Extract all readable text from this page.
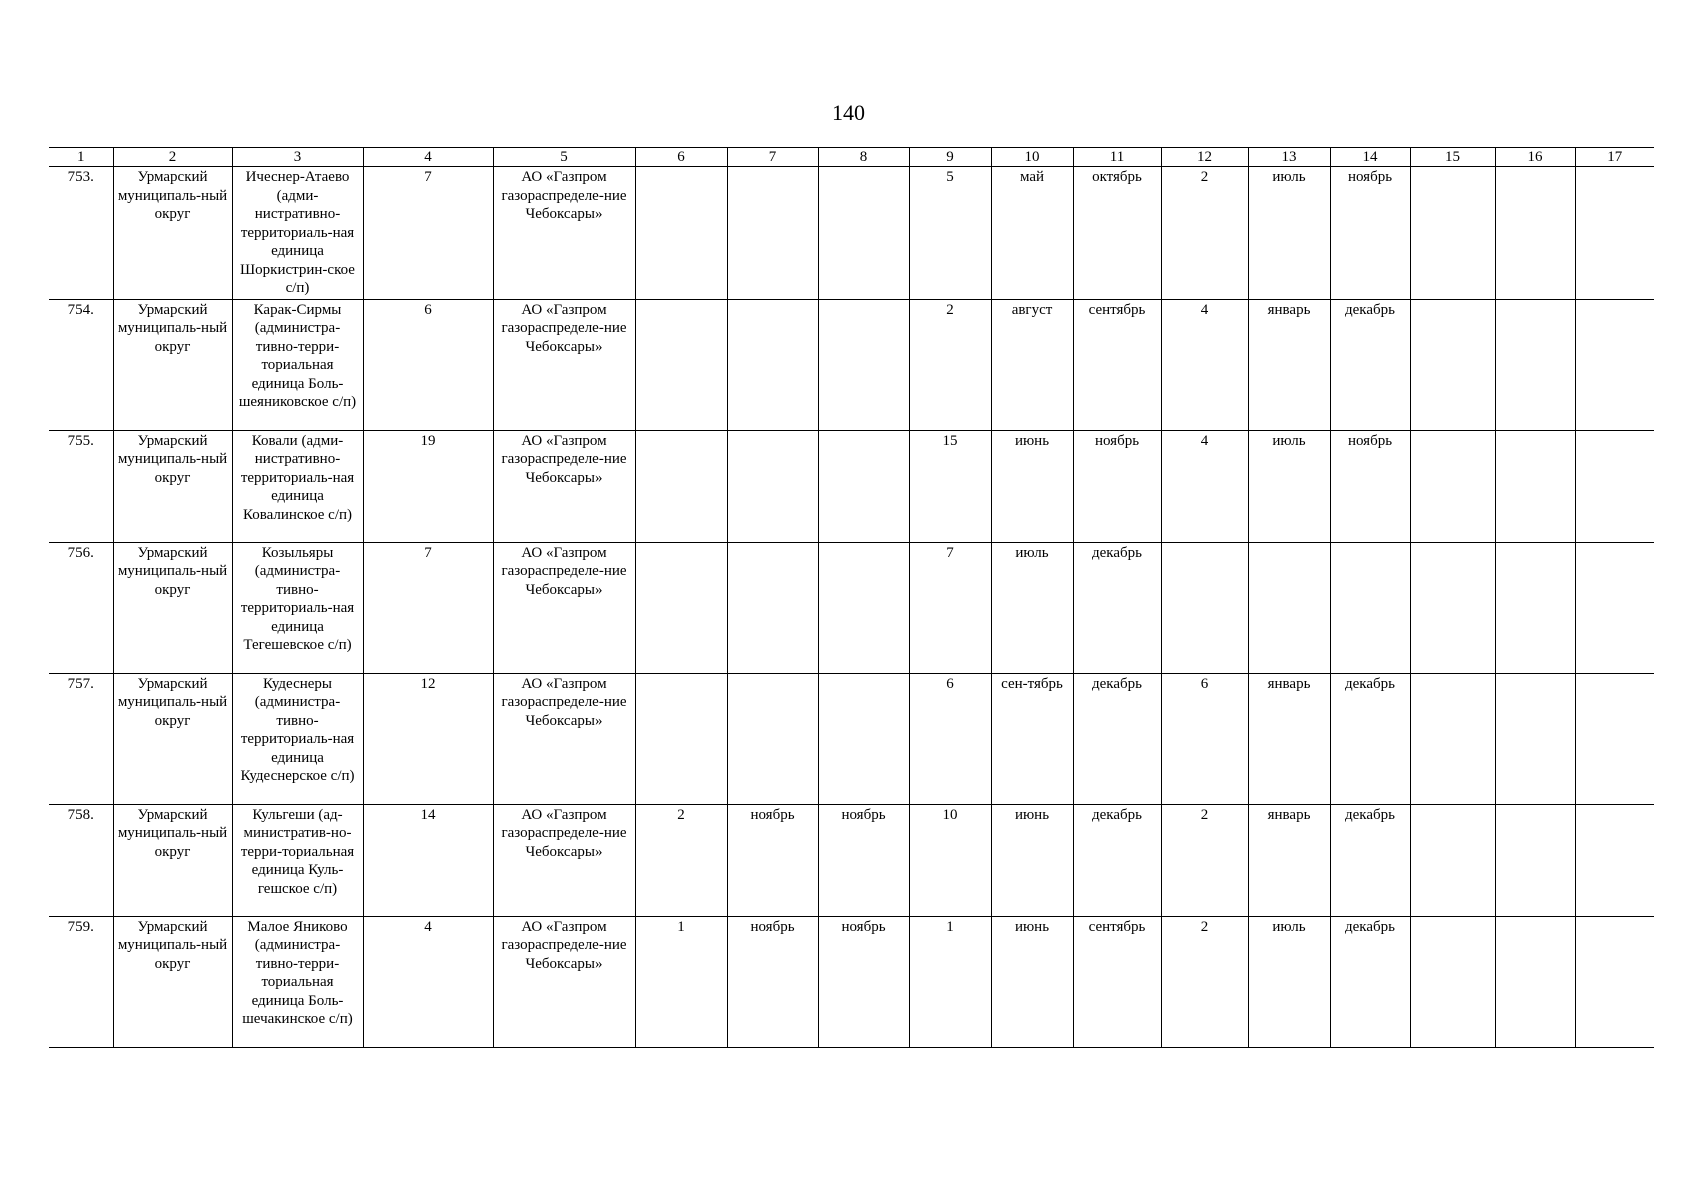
140
1	2	3	4	5	6	7	8	9	10	11	12	13	14	15	16	17
753.	Урмарский муниципаль-ный округ	Ичеснер-Атаево (адми-нистративно-территориаль-ная единица Шоркистрин-ское с/п)	7	АО «Газпром газораспределе-ние Чебоксары»				5	май	октябрь	2	июль	ноябрь			
754.	Урмарский муниципаль-ный округ	Карак-Сирмы (администра-тивно-терри-ториальная единица Боль-шеяниковское с/п)	6	АО «Газпром газораспределе-ние Чебоксары»				2	август	сентябрь	4	январь	декабрь			
755.	Урмарский муниципаль-ный округ	Ковали (адми-нистративно-территориаль-ная единица Ковалинское с/п)	19	АО «Газпром газораспределе-ние Чебоксары»				15	июнь	ноябрь	4	июль	ноябрь			
756.	Урмарский муниципаль-ный округ	Козыльяры (администра-тивно-территориаль-ная единица Тегешевское с/п)	7	АО «Газпром газораспределе-ние Чебоксары»				7	июль	декабрь						
757.	Урмарский муниципаль-ный округ	Кудеснеры (администра-тивно-территориаль-ная единица Кудеснерское с/п)	12	АО «Газпром газораспределе-ние Чебоксары»				6	сен-тябрь	декабрь	6	январь	декабрь			
758.	Урмарский муниципаль-ный округ	Кульгеши (ад-министратив-но-терри-ториальная единица Куль-гешское с/п)	14	АО «Газпром газораспределе-ние Чебоксары»	2	ноябрь	ноябрь	10	июнь	декабрь	2	январь	декабрь			
759.	Урмарский муниципаль-ный округ	Малое Яниково (администра-тивно-терри-ториальная единица Боль-шечакинское с/п)	4	АО «Газпром газораспределе-ние Чебоксары»	1	ноябрь	ноябрь	1	июнь	сентябрь	2	июль	декабрь			
